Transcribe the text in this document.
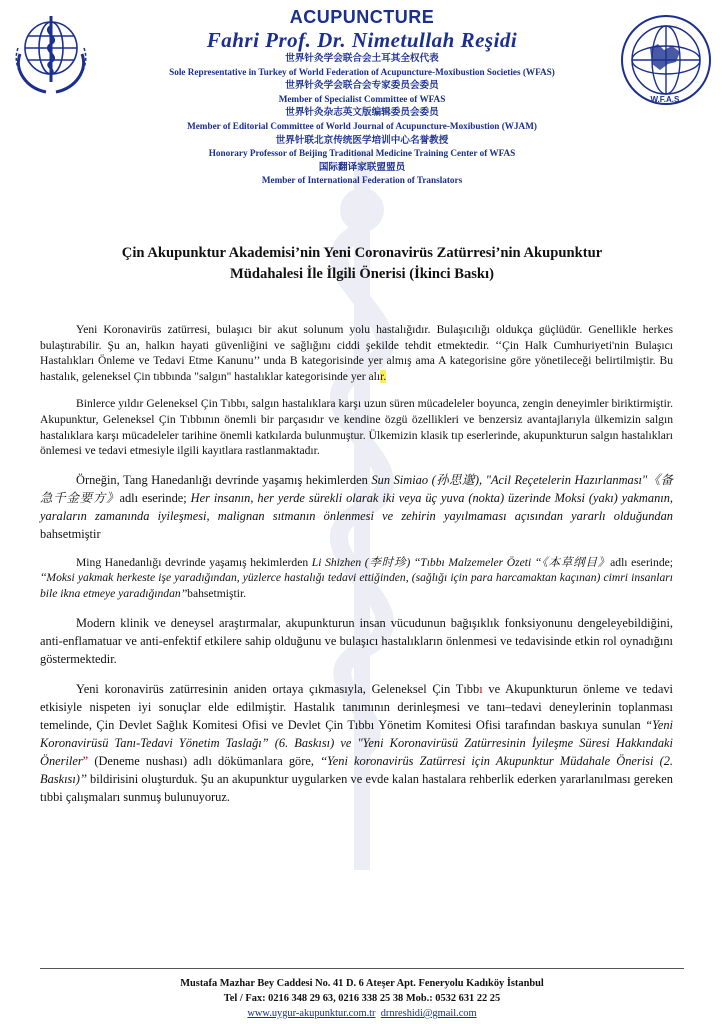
W.F.A.S.
ACUPUNCTURE
Fahri Prof. Dr. Nimetullah Reşidi
世界针灸学会联合会土耳其全权代表
Sole Representative in Turkey of World Federation of Acupuncture-Moxibustion Societies (WFAS)
世界针灸学会联合会专家委员会委员
Member of Specialist Committee of WFAS
世界针灸杂志英文版编辑委员会委员
Member of Editorial Committee of World Journal of Acupuncture-Moxibustion (WJAM)
世界针联北京传统医学培训中心名誉教授
Honorary Professor of Beijing Traditional Medicine Training Center of WFAS
国际翻译家联盟盟员
Member of International Federation of Translators
Çin Akupunktur Akademisi’nin Yeni Coronavirüs Zatürresi’nin Akupunktur
Müdahalesi İle İlgili Önerisi (İkinci Baskı)

Yeni Koronavirüs zatürresi, bulaşıcı bir akut solunum yolu hastalığıdır. Bulaşıcılığı oldukça güçlüdür. Genellikle herkes bulaştırabilir. Şu an, halkın hayati güvenliğini ve sağlığını ciddi şekilde tehdit etmektedir. ‘‘Çin Halk Cumhuriyeti'nin Bulaşıcı Hastalıkları Önleme ve Tedavi Etme Kanunu’’ unda B kategorisinde yer almış ama A kategorisine göre yönetileceği belirtilmiştir. Bu hastalık, geleneksel Çin tıbbında "salgın" hastalıklar kategorisinde yer alır.

Binlerce yıldır Geleneksel Çin Tıbbı, salgın hastalıklara karşı uzun süren mücadeleler boyunca, zengin deneyimler biriktirmiştir. Akupunktur, Geleneksel Çin Tıbbının önemli bir parçasıdır ve kendine özgü özellikleri ve benzersiz avantajlarıyla ülkemizin salgın hastalıklara karşı mücadeleler tarihine önemli katkılarda bulunmuştur. Ülkemizin klasik tıp eserlerinde, akupunkturun salgın hastalıkları önlemesi ve tedavi etmesiyle ilgili kayıtlara rastlanmaktadır.

Örneğin, Tang Hanedanlığı devrinde yaşamış hekimlerden Sun Simiao (孙思邈), "Acil Reçetelerin Hazırlanması"《备急千金要方》adlı eserinde; Her insanın, her yerde sürekli olarak iki veya üç yuva (nokta) üzerinde Moksi (yakı) yakmanın, yaraların zamanında iyileşmesi, malignan sıtmanın önlenmesi ve zehirin yayılmaması açısından yararlı olduğundan bahsetmiştir

Ming Hanedanlığı devrinde yaşamış hekimlerden Li Shizhen (李时珍) ‘‘Tıbbı Malzemeler Özeti ‘‘《本草纲目》adlı eserinde; ‘‘Moksi yakmak herkeste işe yaradığından, yüzlerce hastalığı tedavi ettiğinden, (sağlığı için para harcamaktan kaçınan) cimri insanları bile ikna etmeye yaradığından’’bahsetmiştir.

Modern klinik ve deneysel araştırmalar, akupunkturun insan vücudunun bağışıklık fonksiyonunu dengeleyebildiğini, anti-enflamatuar ve anti-enfektif etkilere sahip olduğunu ve bulaşıcı hastalıkların önlenmesi ve tedavisinde etkin rol oynadığını göstermektedir.

Yeni koronavirüs zatürresinin aniden ortaya çıkmasıyla, Geleneksel Çin Tıbbı ve Akupunkturun önleme ve tedavi etkisiyle nispeten iyi sonuçlar elde edilmiştir. Hastalık tanımının derinleşmesi ve tanı–tedavi deneylerinin toplanması temelinde, Çin Devlet Sağlık Komitesi Ofisi ve Devlet Çin Tıbbı Yönetim Komitesi Ofisi tarafından baskıya sunulan “Yeni Koronavirüsü Tanı-Tedavi Yönetim Taslağı” (6. Baskısı) ve "Yeni Koronavirüsü Zatürresinin İyileşme Süresi Hakkındaki Öneriler” (Deneme nushası) adlı dökümanlara göre, ‘‘Yeni koronavirüs Zatürresi için Akupunktur Müdahale Önerisi (2. Baskısı)’’ bildirisini oluşturduk. Şu an akupunktur uygularken ve evde kalan hastalara rehberlik ederken yararlanılması gereken tıbbi çalışmaları sunmuş bulunuyoruz.

Mustafa Mazhar Bey Caddesi No. 41 D. 6 Ateşer Apt. Feneryolu Kadıköy İstanbul
Tel / Fax: 0216 348 29 63, 0216 338 25 38 Mob.: 0532 631 22 25
www.uygur-akupunktur.com.tr drnreshidi@gmail.com
